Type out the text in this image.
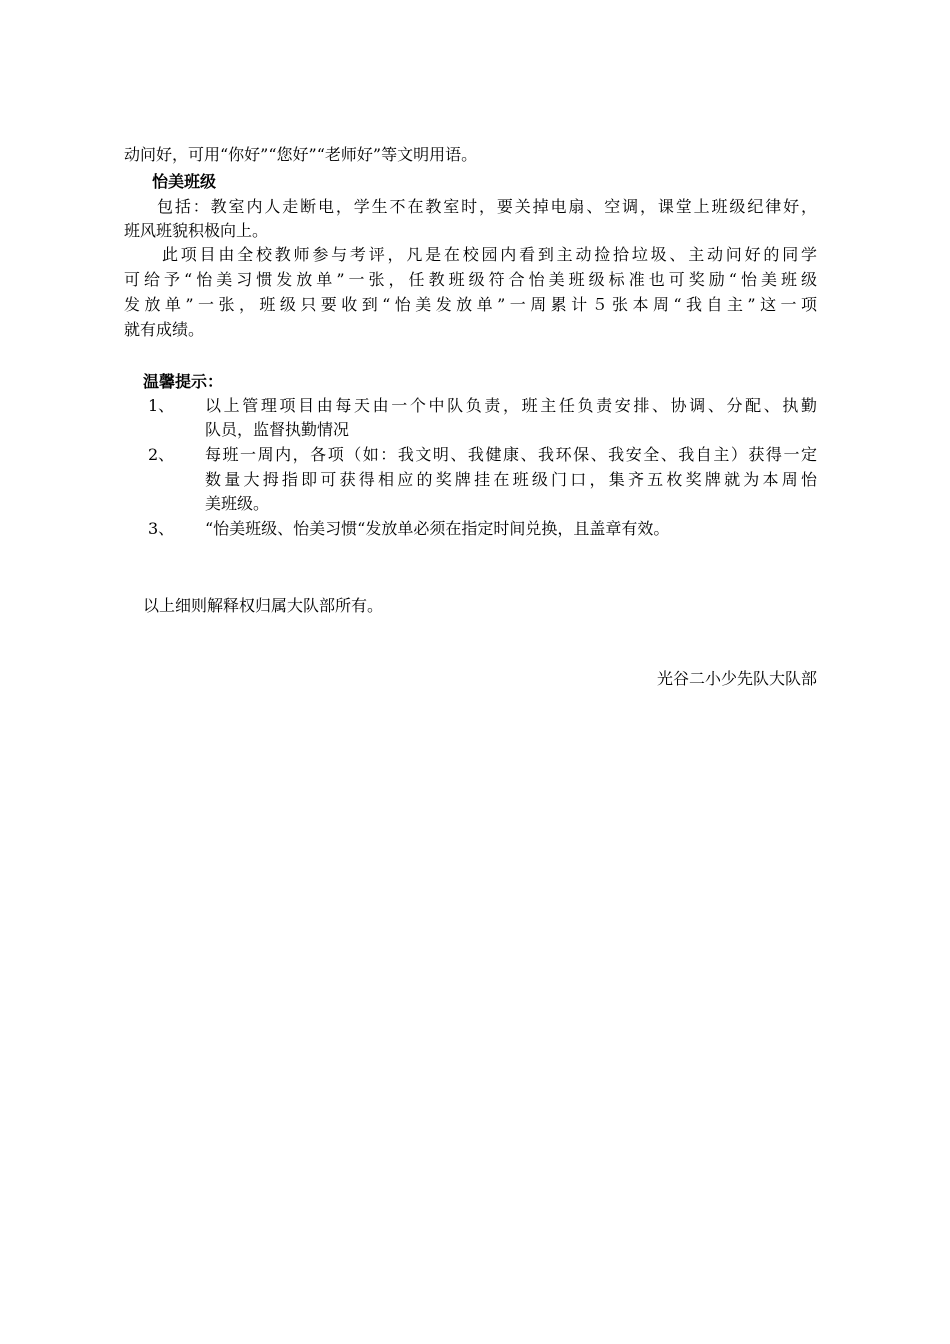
动问好，可用“你好”“您好”“老师好”等文明用语。
怡美班级
包括：教室内人走断电，学生不在教室时，要关掉电扇、空调，课堂上班级纪律好，
班风班貌积极向上。
此项目由全校教师参与考评，凡是在校园内看到主动捡拾垃圾、主动问好的同学
可给予“怡美习惯发放单”一张，任教班级符合怡美班级标准也可奖励“怡美班级
发放单”一张，班级只要收到“怡美发放单”一周累计５张本周“我自主”这一项
就有成绩。
温馨提示：
1、 以上管理项目由每天由一个中队负责，班主任负责安排、协调、分配、执勤
队员，监督执勤情况
2、 每班一周内，各项（如：我文明、我健康、我环保、我安全、我自主）获得一定
数量大拇指即可获得相应的奖牌挂在班级门口，集齐五枚奖牌就为本周怡
美班级。
3、 “怡美班级、怡美习惯“发放单必须在指定时间兑换，且盖章有效。
以上细则解释权归属大队部所有。
光谷二小少先队大队部
